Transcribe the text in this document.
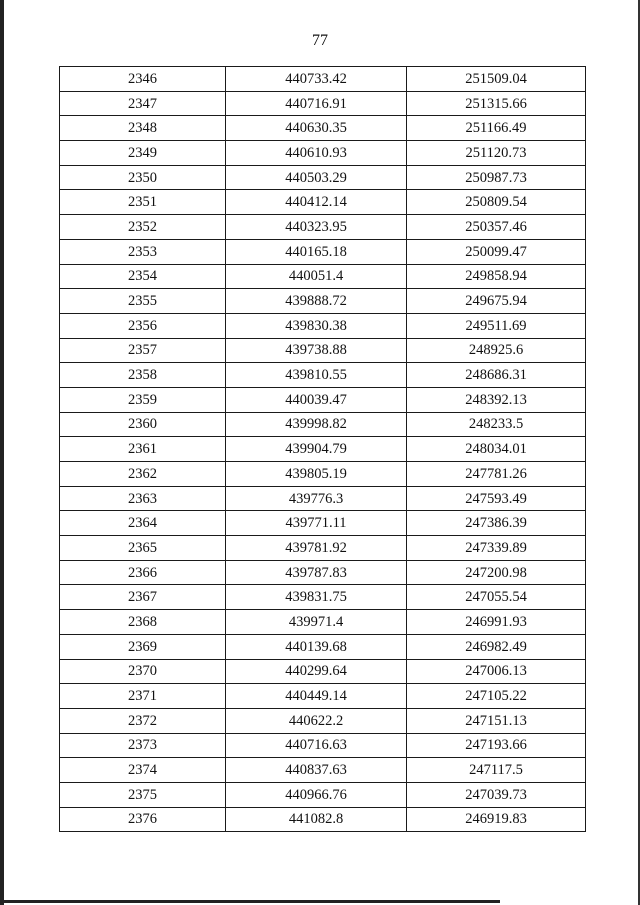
77
2346	440733.42	251509.04
2347	440716.91	251315.66
2348	440630.35	251166.49
2349	440610.93	251120.73
2350	440503.29	250987.73
2351	440412.14	250809.54
2352	440323.95	250357.46
2353	440165.18	250099.47
2354	440051.4	249858.94
2355	439888.72	249675.94
2356	439830.38	249511.69
2357	439738.88	248925.6
2358	439810.55	248686.31
2359	440039.47	248392.13
2360	439998.82	248233.5
2361	439904.79	248034.01
2362	439805.19	247781.26
2363	439776.3	247593.49
2364	439771.11	247386.39
2365	439781.92	247339.89
2366	439787.83	247200.98
2367	439831.75	247055.54
2368	439971.4	246991.93
2369	440139.68	246982.49
2370	440299.64	247006.13
2371	440449.14	247105.22
2372	440622.2	247151.13
2373	440716.63	247193.66
2374	440837.63	247117.5
2375	440966.76	247039.73
2376	441082.8	246919.83
